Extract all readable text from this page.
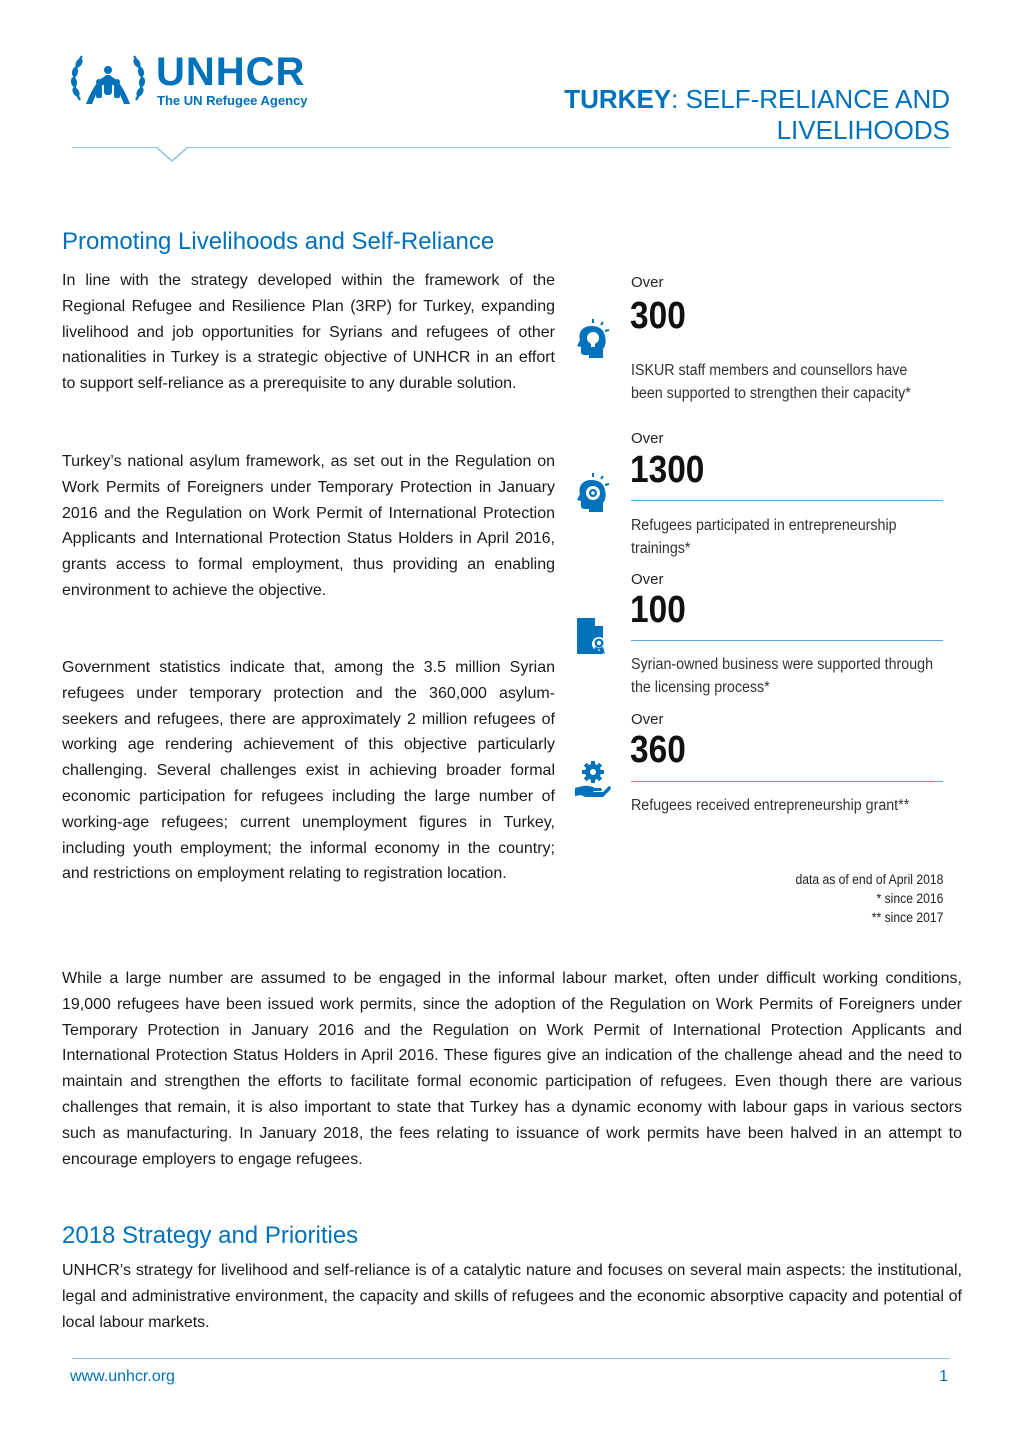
UNHCR
The UN Refugee Agency	TURKEY: SELF-RELIANCE AND LIVELIHOODS
Promoting Livelihoods and Self-Reliance

In line with the strategy developed within the framework of the Regional Refugee and Resilience Plan (3RP) for Turkey, expanding livelihood and job opportunities for Syrians and refugees of other nationalities in Turkey is a strategic objective of UNHCR in an effort to support self-reliance as a prerequisite to any durable solution.

Turkey’s national asylum framework, as set out in the Regulation on Work Permits of Foreigners under Temporary Protection in January 2016 and the Regulation on Work Permit of International Protection Applicants and International Protection Status Holders in April 2016, grants access to formal employment, thus providing an enabling environment to achieve the objective.

Government statistics indicate that, among the 3.5 million Syrian refugees under temporary protection and the 360,000 asylum-seekers and refugees, there are approximately 2 million refugees of working age rendering achievement of this objective particularly challenging. Several challenges exist in achieving broader formal economic participation for refugees including the large number of working-age refugees; current unemployment figures in Turkey, including youth employment; the informal economy in the country; and restrictions on employment relating to registration location.

Over
300
ISKUR staff members and counsellors have been supported to strengthen their capacity*
Over
1300
Refugees participated in entrepreneurship trainings*
Over
100
Syrian-owned business were supported through the licensing process*
Over
360
Refugees received entrepreneurship grant**
data as of end of April 2018
* since 2016
** since 2017

While a large number are assumed to be engaged in the informal labour market, often under difficult working conditions, 19,000 refugees have been issued work permits, since the adoption of the Regulation on Work Permits of Foreigners under Temporary Protection in January 2016 and the Regulation on Work Permit of International Protection Applicants and International Protection Status Holders in April 2016. These figures give an indication of the challenge ahead and the need to maintain and strengthen the efforts to facilitate formal economic participation of refugees. Even though there are various challenges that remain, it is also important to state that Turkey has a dynamic economy with labour gaps in various sectors such as manufacturing. In January 2018, the fees relating to issuance of work permits have been halved in an attempt to encourage employers to engage refugees.

2018 Strategy and Priorities

UNHCR’s strategy for livelihood and self-reliance is of a catalytic nature and focuses on several main aspects: the institutional, legal and administrative environment, the capacity and skills of refugees and the economic absorptive capacity and potential of local labour markets.

www.unhcr.org	1
